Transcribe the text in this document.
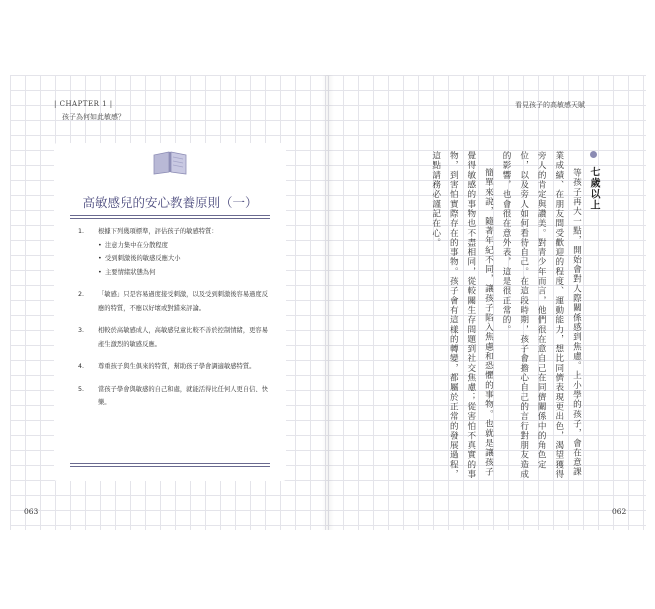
| CHAPTER 1 |
孩子為何如此敏感？
高敏感兒的安心教養原則（一）
1. 根據下列幾項標準，評估孩子的敏感特質：
• 注意力集中在分散程度
• 受到刺激後的敏感反應大小
• 主要情緒狀態為何
2. 「敏感」只是容易過度接受刺激，以及受到刺激後容易過度反應的特質，不應以好壞或對錯來評論。
3. 相較於高敏感成人，高敏感兒童比較不善於控制情緒，更容易產生激烈的敏感反應。
4. 尊重孩子與生俱來的特質，幫助孩子學會調適敏感特質。
5. 當孩子學會與敏感的自己和處，就能活得比任何人更自信、快樂。
063
看見孩子的高敏感天賦

七歲以上

等孩子再大一點，開始會對人際關係感到焦慮。上小學的孩子，會在意課業成績、在朋友間受歡迎的程度、運動能力，想比同儕表現更出色，渴望獲得旁人的肯定與讚美。對青少年而言，他們很在意自己在同儕關係中的角色定位，以及旁人如何看待自己。在這段時期，孩子會擔心自己的言行對朋友造成的影響，也會很在意外表，這是很正常的。

簡單來說，隨著年紀不同，讓孩子陷入焦慮和恐懼的事物。也就是讓孩子覺得敏感的事物也不盡相同，從較關生存問題到社交焦慮；從害怕不真實的事物，到害怕實際存在的事物。孩子會有這樣的轉變，都屬於正常的發展過程，這點請務必謹記在心。

062
